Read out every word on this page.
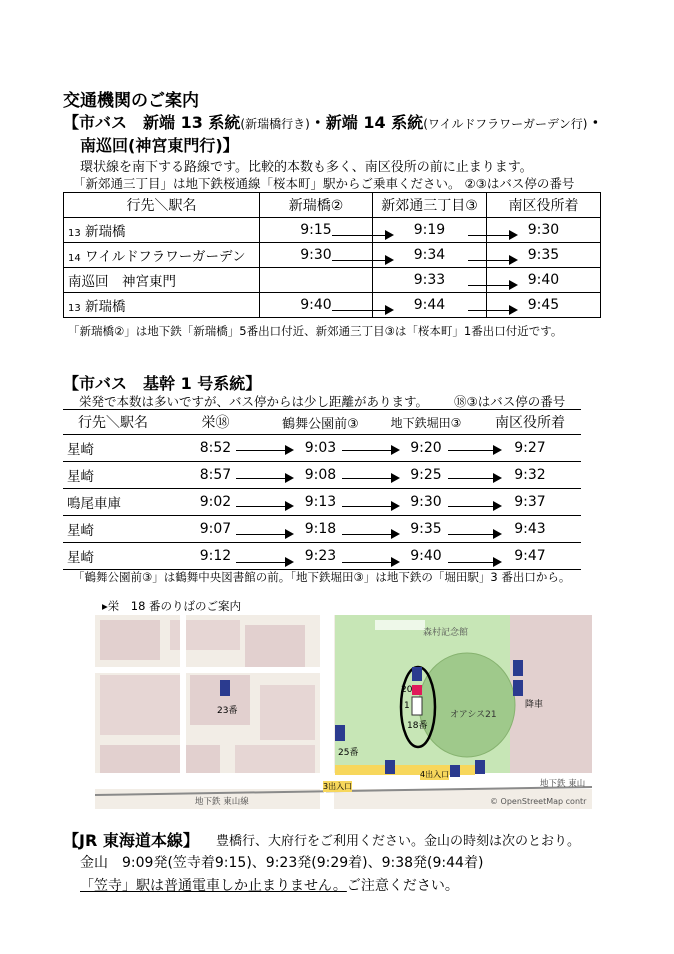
交通機関のご案内
【市バス　新端 13 系統(新瑞橋行き)・新端 14 系統(ワイルドフラワーガーデン行)・
南巡回(神宮東門行)】
環状線を南下する路線です。比較的本数も多く、南区役所の前に止まります。
「新郊通三丁目」は地下鉄桜通線「桜本町」駅からご乗車ください。 ②③はバス停の番号
行先＼駅名	新瑞橋②	新郊通三丁目③	南区役所着
13 新瑞橋	9:15	9:19	9:30
14 ワイルドフラワーガーデン	9:30	9:34	9:35
南巡回　神宮東門		9:33	9:40
13 新瑞橋	9:40	9:44	9:45
「新瑞橋②」は地下鉄「新瑞橋」5番出口付近、新郊通三丁目③は「桜本町」1番出口付近です。
【市バス　基幹 1 号系統】
栄発で本数は多いですが、バス停からは少し距離があります。 ⑱③はバス停の番号
行先＼駅名	栄⑱	鶴舞公園前③	地下鉄堀田③	南区役所着
星崎	8:52	9:03	9:20	9:27
星崎	8:57	9:08	9:25	9:32
鳴尾車庫	9:02	9:13	9:30	9:37
星崎	9:07	9:18	9:35	9:43
星崎	9:12	9:23	9:40	9:47
「鶴舞公園前③」は鶴舞中央図書館の前。「地下鉄堀田③」は地下鉄の「堀田駅」3 番出口から。
▸栄　18 番のりばのご案内
森村記念館
オアシス21
23番
25番
18番
20
1	降車
3出入口
4出入口
地下鉄 東山線
地下鉄 東山
© OpenStreetMap contr
【JR 東海道本線】 豊橋行、大府行をご利用ください。金山の時刻は次のとおり。
金山　9:09発(笠寺着9:15)、9:23発(9:29着)、9:38発(9:44着)
「笠寺」駅は普通電車しか止まりません。ご注意ください。
